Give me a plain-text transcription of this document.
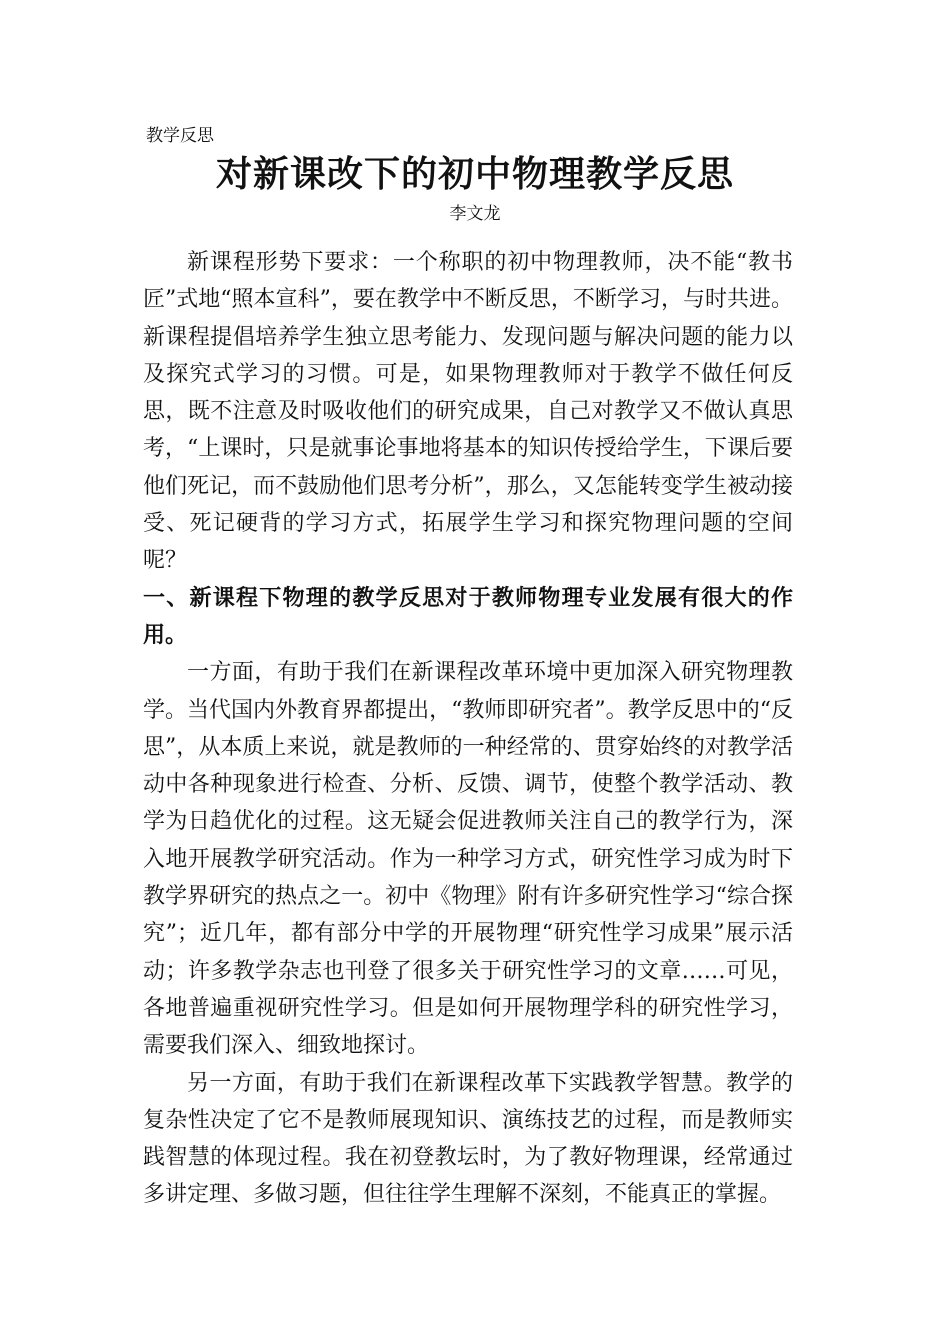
教学反思
对新课改下的初中物理教学反思
李文龙

新课程形势下要求：一个称职的初中物理教师，决不能“教书匠”式地“照本宣科”，要在教学中不断反思，不断学习，与时共进。新课程提倡培养学生独立思考能力、发现问题与解决问题的能力以及探究式学习的习惯。可是，如果物理教师对于教学不做任何反思，既不注意及时吸收他们的研究成果，自己对教学又不做认真思考，“上课时，只是就事论事地将基本的知识传授给学生，下课后要他们死记，而不鼓励他们思考分析”，那么，又怎能转变学生被动接受、死记硬背的学习方式，拓展学生学习和探究物理问题的空间呢？

一、新课程下物理的教学反思对于教师物理专业发展有很大的作用。

一方面，有助于我们在新课程改革环境中更加深入研究物理教学。当代国内外教育界都提出，“教师即研究者”。教学反思中的“反思”，从本质上来说，就是教师的一种经常的、贯穿始终的对教学活动中各种现象进行检查、分析、反馈、调节，使整个教学活动、教学为日趋优化的过程。这无疑会促进教师关注自己的教学行为，深入地开展教学研究活动。作为一种学习方式，研究性学习成为时下教学界研究的热点之一。初中《物理》附有许多研究性学习“综合探究”；近几年，都有部分中学的开展物理“研究性学习成果”展示活动；许多教学杂志也刊登了很多关于研究性学习的文章……可见，各地普遍重视研究性学习。但是如何开展物理学科的研究性学习，需要我们深入、细致地探讨。

另一方面，有助于我们在新课程改革下实践教学智慧。教学的复杂性决定了它不是教师展现知识、演练技艺的过程，而是教师实践智慧的体现过程。我在初登教坛时，为了教好物理课，经常通过多讲定理、多做习题，但往往学生理解不深刻，不能真正的掌握。
